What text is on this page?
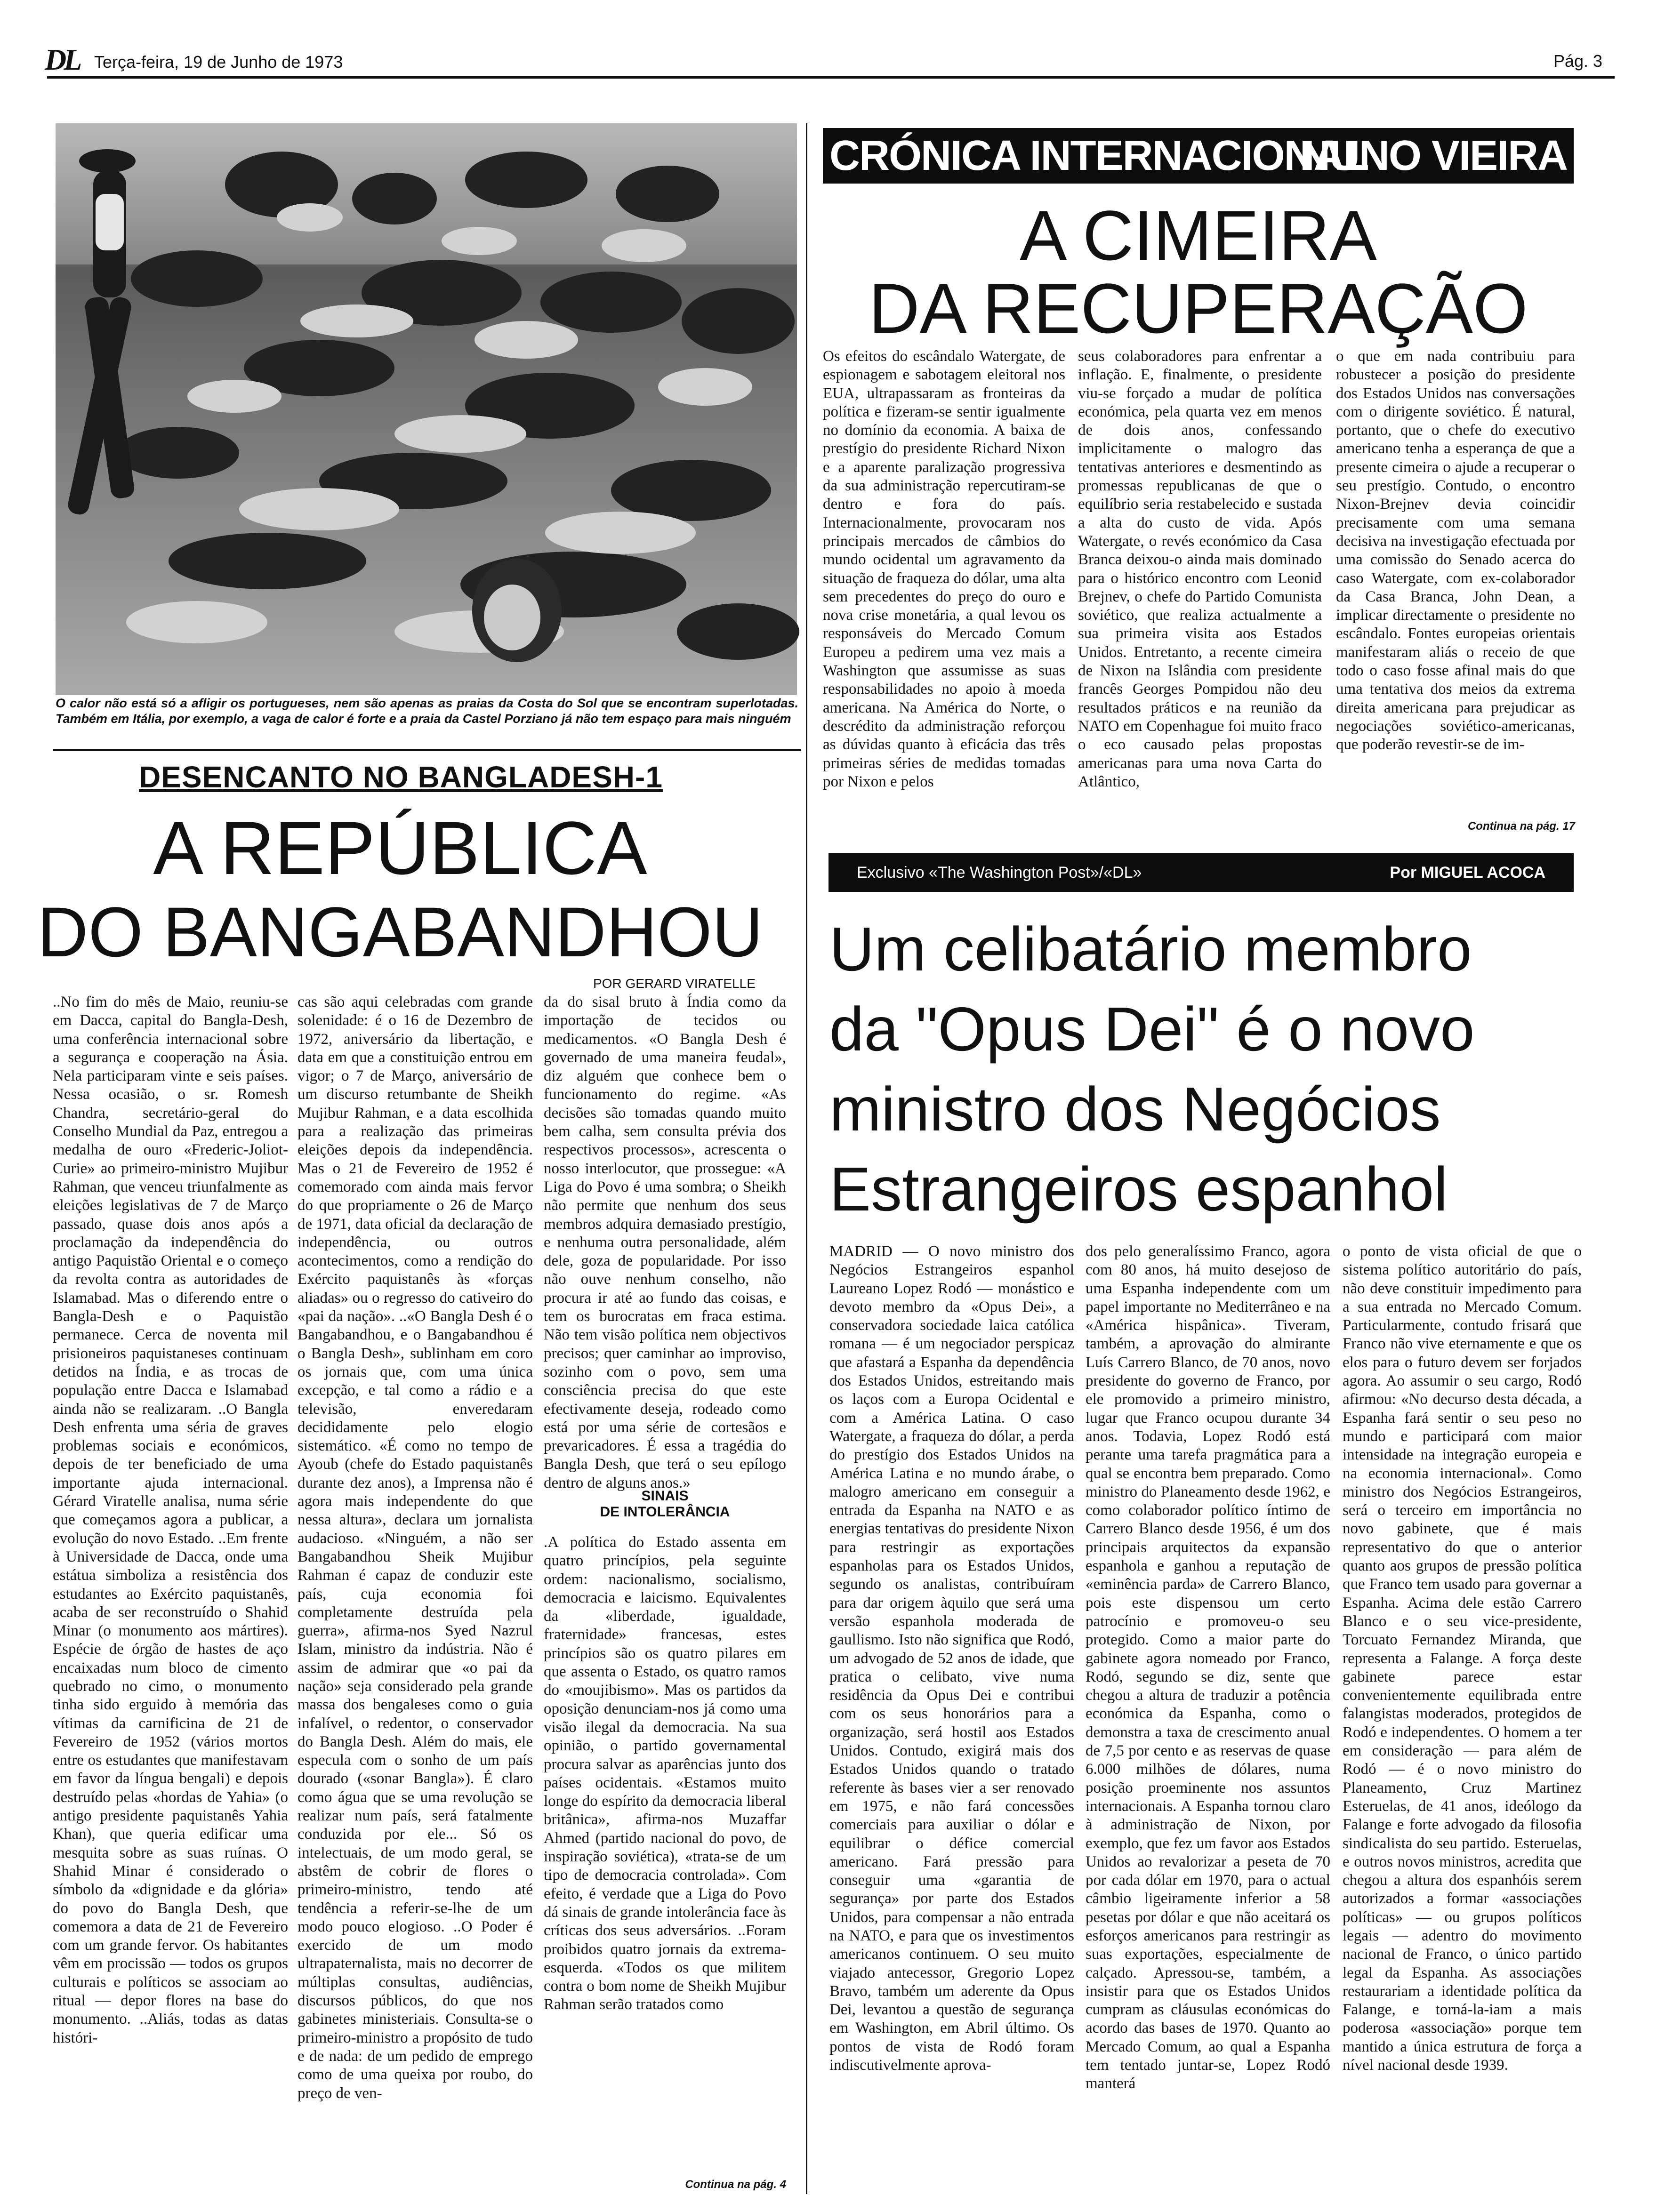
DL Terça-feira, 19 de Junho de 1973	Pág. 3
O calor não está só a afligir os portugueses, nem são apenas as praias da Costa do Sol que se encontram superlotadas. Também em Itália, por exemplo, a vaga de calor é forte e a praia da Castel Porziano já não tem espaço para mais ninguém
DESENCANTO NO BANGLADESH-1
A REPÚBLICA
DO BANGABANDHOU
POR GERARD VIRATELLE
..No fim do mês de Maio, reuniu-se em Dacca, capital do Bangla-Desh, uma conferência internacional sobre a segurança e cooperação na Ásia. Nela participaram vinte e seis países. Nessa ocasião, o sr. Romesh Chandra, secretário-geral do Conselho Mundial da Paz, entregou a medalha de ouro «Frederic-Joliot-Curie» ao primeiro-ministro Mujibur Rahman, que venceu triunfalmente as eleições legislativas de 7 de Março passado, quase dois anos após a proclamação da independência do antigo Paquistão Oriental e o começo da revolta contra as autoridades de Islamabad. Mas o diferendo entre o Bangla-Desh e o Paquistão permanece. Cerca de noventa mil prisioneiros paquistaneses continuam detidos na Índia, e as trocas de população entre Dacca e Islamabad ainda não se realizaram. ..O Bangla Desh enfrenta uma séria de graves problemas sociais e económicos, depois de ter beneficiado de uma importante ajuda internacional. Gérard Viratelle analisa, numa série que começamos agora a publicar, a evolução do novo Estado. ..Em frente à Universidade de Dacca, onde uma estátua simboliza a resistência dos estudantes ao Exército paquistanês, acaba de ser reconstruído o Shahid Minar (o monumento aos mártires). Espécie de órgão de hastes de aço encaixadas num bloco de cimento quebrado no cimo, o monumento tinha sido erguido à memória das vítimas da carnificina de 21 de Fevereiro de 1952 (vários mortos entre os estudantes que manifestavam em favor da língua bengali) e depois destruído pelas «hordas de Yahia» (o antigo presidente paquistanês Yahia Khan), que queria edificar uma mesquita sobre as suas ruínas. O Shahid Minar é considerado o símbolo da «dignidade e da glória» do povo do Bangla Desh, que comemora a data de 21 de Fevereiro com um grande fervor. Os habitantes vêm em procissão — todos os grupos culturais e políticos se associam ao ritual — depor flores na base do monumento. ..Aliás, todas as datas históri-
cas são aqui celebradas com grande solenidade: é o 16 de Dezembro de 1972, aniversário da libertação, e data em que a constituição entrou em vigor; o 7 de Março, aniversário de um discurso retumbante de Sheikh Mujibur Rahman, e a data escolhida para a realização das primeiras eleições depois da independência. Mas o 21 de Fevereiro de 1952 é comemorado com ainda mais fervor do que propriamente o 26 de Março de 1971, data oficial da declaração de independência, ou outros acontecimentos, como a rendição do Exército paquistanês às «forças aliadas» ou o regresso do cativeiro do «pai da nação». ..«O Bangla Desh é o Bangabandhou, e o Bangabandhou é o Bangla Desh», sublinham em coro os jornais que, com uma única excepção, e tal como a rádio e a televisão, enveredaram decididamente pelo elogio sistemático. «É como no tempo de Ayoub (chefe do Estado paquistanês durante dez anos), a Imprensa não é agora mais independente do que nessa altura», declara um jornalista audacioso. «Ninguém, a não ser Bangabandhou Sheik Mujibur Rahman é capaz de conduzir este país, cuja economia foi completamente destruída pela guerra», afirma-nos Syed Nazrul Islam, ministro da indústria. Não é assim de admirar que «o pai da nação» seja considerado pela grande massa dos bengaleses como o guia infalível, o redentor, o conservador do Bangla Desh. Além do mais, ele especula com o sonho de um país dourado («sonar Bangla»). É claro como água que se uma revolução se realizar num país, será fatalmente conduzida por ele... Só os intelectuais, de um modo geral, se abstêm de cobrir de flores o primeiro-ministro, tendo até tendência a referir-se-lhe de um modo pouco elogioso. ..O Poder é exercido de um modo ultrapaternalista, mais no decorrer de múltiplas consultas, audiências, discursos públicos, do que nos gabinetes ministeriais. Consulta-se o primeiro-ministro a propósito de tudo e de nada: de um pedido de emprego como de uma queixa por roubo, do preço de ven-
da do sisal bruto à Índia como da importação de tecidos ou medicamentos. «O Bangla Desh é governado de uma maneira feudal», diz alguém que conhece bem o funcionamento do regime. «As decisões são tomadas quando muito bem calha, sem consulta prévia dos respectivos processos», acrescenta o nosso interlocutor, que prossegue: «A Liga do Povo é uma sombra; o Sheikh não permite que nenhum dos seus membros adquira demasiado prestígio, e nenhuma outra personalidade, além dele, goza de popularidade. Por isso não ouve nenhum conselho, não procura ir até ao fundo das coisas, e tem os burocratas em fraca estima. Não tem visão política nem objectivos precisos; quer caminhar ao improviso, sozinho com o povo, sem uma consciência precisa do que este efectivamente deseja, rodeado como está por uma série de cortesãos e prevaricadores. É essa a tragédia do Bangla Desh, que terá o seu epílogo dentro de alguns anos.»
SINAIS
DE INTOLERÂNCIA
.A política do Estado assenta em quatro princípios, pela seguinte ordem: nacionalismo, socialismo, democracia e laicismo. Equivalentes da «liberdade, igualdade, fraternidade» francesas, estes princípios são os quatro pilares em que assenta o Estado, os quatro ramos do «moujibismo». Mas os partidos da oposição denunciam-nos já como uma visão ilegal da democracia. Na sua opinião, o partido governamental procura salvar as aparências junto dos países ocidentais. «Estamos muito longe do espírito da democracia liberal britânica», afirma-nos Muzaffar Ahmed (partido nacional do povo, de inspiração soviética), «trata-se de um tipo de democracia controlada». Com efeito, é verdade que a Liga do Povo dá sinais de grande intolerância face às críticas dos seus adversários. ..Foram proibidos quatro jornais da extrema-esquerda. «Todos os que militem contra o bom nome de Sheikh Mujibur Rahman serão tratados como
Continua na pág. 4
CRÓNICA INTERNACIONAL
NUNO VIEIRA
A CIMEIRA
DA RECUPERAÇÃO
Os efeitos do escândalo Watergate, de espionagem e sabotagem eleitoral nos EUA, ultrapassaram as fronteiras da política e fizeram-se sentir igualmente no domínio da economia. A baixa de prestígio do presidente Richard Nixon e a aparente paralização progressiva da sua administração repercutiram-se dentro e fora do país. Internacionalmente, provocaram nos principais mercados de câmbios do mundo ocidental um agravamento da situação de fraqueza do dólar, uma alta sem precedentes do preço do ouro e nova crise monetária, a qual levou os responsáveis do Mercado Comum Europeu a pedirem uma vez mais a Washington que assumisse as suas responsabilidades no apoio à moeda americana. Na América do Norte, o descrédito da administração reforçou as dúvidas quanto à eficácia das três primeiras séries de medidas tomadas por Nixon e pelos
seus colaboradores para enfrentar a inflação. E, finalmente, o presidente viu-se forçado a mudar de política económica, pela quarta vez em menos de dois anos, confessando implicitamente o malogro das tentativas anteriores e desmentindo as promessas republicanas de que o equilíbrio seria restabelecido e sustada a alta do custo de vida. Após Watergate, o revés económico da Casa Branca deixou-o ainda mais dominado para o histórico encontro com Leonid Brejnev, o chefe do Partido Comunista soviético, que realiza actualmente a sua primeira visita aos Estados Unidos. Entretanto, a recente cimeira de Nixon na Islândia com presidente francês Georges Pompidou não deu resultados práticos e na reunião da NATO em Copenhague foi muito fraco o eco causado pelas propostas americanas para uma nova Carta do Atlântico,
o que em nada contribuiu para robustecer a posição do presidente dos Estados Unidos nas conversações com o dirigente soviético. É natural, portanto, que o chefe do executivo americano tenha a esperança de que a presente cimeira o ajude a recuperar o seu prestígio. Contudo, o encontro Nixon-Brejnev devia coincidir precisamente com uma semana decisiva na investigação efectuada por uma comissão do Senado acerca do caso Watergate, com ex-colaborador da Casa Branca, John Dean, a implicar directamente o presidente no escândalo. Fontes europeias orientais manifestaram aliás o receio de que todo o caso fosse afinal mais do que uma tentativa dos meios da extrema direita americana para prejudicar as negociações soviético-americanas, que poderão revestir-se de im-
Continua na pág. 17
Exclusivo «The Washington Post»/«DL»	Por MIGUEL ACOCA
Um celibatário membro
da "Opus Dei" é o novo
ministro dos Negócios
Estrangeiros espanhol
MADRID — O novo ministro dos Negócios Estrangeiros espanhol Laureano Lopez Rodó — monástico e devoto membro da «Opus Dei», a conservadora sociedade laica católica romana — é um negociador perspicaz que afastará a Espanha da dependência dos Estados Unidos, estreitando mais os laços com a Europa Ocidental e com a América Latina. O caso Watergate, a fraqueza do dólar, a perda do prestígio dos Estados Unidos na América Latina e no mundo árabe, o malogro americano em conseguir a entrada da Espanha na NATO e as energias tentativas do presidente Nixon para restringir as exportações espanholas para os Estados Unidos, segundo os analistas, contribuíram para dar origem àquilo que será uma versão espanhola moderada de gaullismo. Isto não significa que Rodó, um advogado de 52 anos de idade, que pratica o celibato, vive numa residência da Opus Dei e contribui com os seus honorários para a organização, será hostil aos Estados Unidos. Contudo, exigirá mais dos Estados Unidos quando o tratado referente às bases vier a ser renovado em 1975, e não fará concessões comerciais para auxiliar o dólar e equilibrar o défice comercial americano. Fará pressão para conseguir uma «garantia de segurança» por parte dos Estados Unidos, para compensar a não entrada na NATO, e para que os investimentos americanos continuem. O seu muito viajado antecessor, Gregorio Lopez Bravo, também um aderente da Opus Dei, levantou a questão de segurança em Washington, em Abril último. Os pontos de vista de Rodó foram indiscutivelmente aprova-
dos pelo generalíssimo Franco, agora com 80 anos, há muito desejoso de uma Espanha independente com um papel importante no Mediterrâneo e na «América hispânica». Tiveram, também, a aprovação do almirante Luís Carrero Blanco, de 70 anos, novo presidente do governo de Franco, por ele promovido a primeiro ministro, lugar que Franco ocupou durante 34 anos. Todavia, Lopez Rodó está perante uma tarefa pragmática para a qual se encontra bem preparado. Como ministro do Planeamento desde 1962, e como colaborador político íntimo de Carrero Blanco desde 1956, é um dos principais arquitectos da expansão espanhola e ganhou a reputação de «eminência parda» de Carrero Blanco, pois este dispensou um certo patrocínio e promoveu-o seu protegido. Como a maior parte do gabinete agora nomeado por Franco, Rodó, segundo se diz, sente que chegou a altura de traduzir a potência económica da Espanha, como o demonstra a taxa de crescimento anual de 7,5 por cento e as reservas de quase 6.000 milhões de dólares, numa posição proeminente nos assuntos internacionais. A Espanha tornou claro à administração de Nixon, por exemplo, que fez um favor aos Estados Unidos ao revalorizar a peseta de 70 por cada dólar em 1970, para o actual câmbio ligeiramente inferior a 58 pesetas por dólar e que não aceitará os esforços americanos para restringir as suas exportações, especialmente de calçado. Apressou-se, também, a insistir para que os Estados Unidos cumpram as cláusulas económicas do acordo das bases de 1970. Quanto ao Mercado Comum, ao qual a Espanha tem tentado juntar-se, Lopez Rodó manterá
o ponto de vista oficial de que o sistema político autoritário do país, não deve constituir impedimento para a sua entrada no Mercado Comum. Particularmente, contudo frisará que Franco não vive eternamente e que os elos para o futuro devem ser forjados agora. Ao assumir o seu cargo, Rodó afirmou: «No decurso desta década, a Espanha fará sentir o seu peso no mundo e participará com maior intensidade na integração europeia e na economia internacional». Como ministro dos Negócios Estrangeiros, será o terceiro em importância no novo gabinete, que é mais representativo do que o anterior quanto aos grupos de pressão política que Franco tem usado para governar a Espanha. Acima dele estão Carrero Blanco e o seu vice-presidente, Torcuato Fernandez Miranda, que representa a Falange. A força deste gabinete parece estar convenientemente equilibrada entre falangistas moderados, protegidos de Rodó e independentes. O homem a ter em consideração — para além de Rodó — é o novo ministro do Planeamento, Cruz Martinez Esteruelas, de 41 anos, ideólogo da Falange e forte advogado da filosofia sindicalista do seu partido. Esteruelas, e outros novos ministros, acredita que chegou a altura dos espanhóis serem autorizados a formar «associações políticas» — ou grupos políticos legais — adentro do movimento nacional de Franco, o único partido legal da Espanha. As associações restaurariam a identidade política da Falange, e torná-la-iam a mais poderosa «associação» porque tem mantido a única estrutura de força a nível nacional desde 1939.
